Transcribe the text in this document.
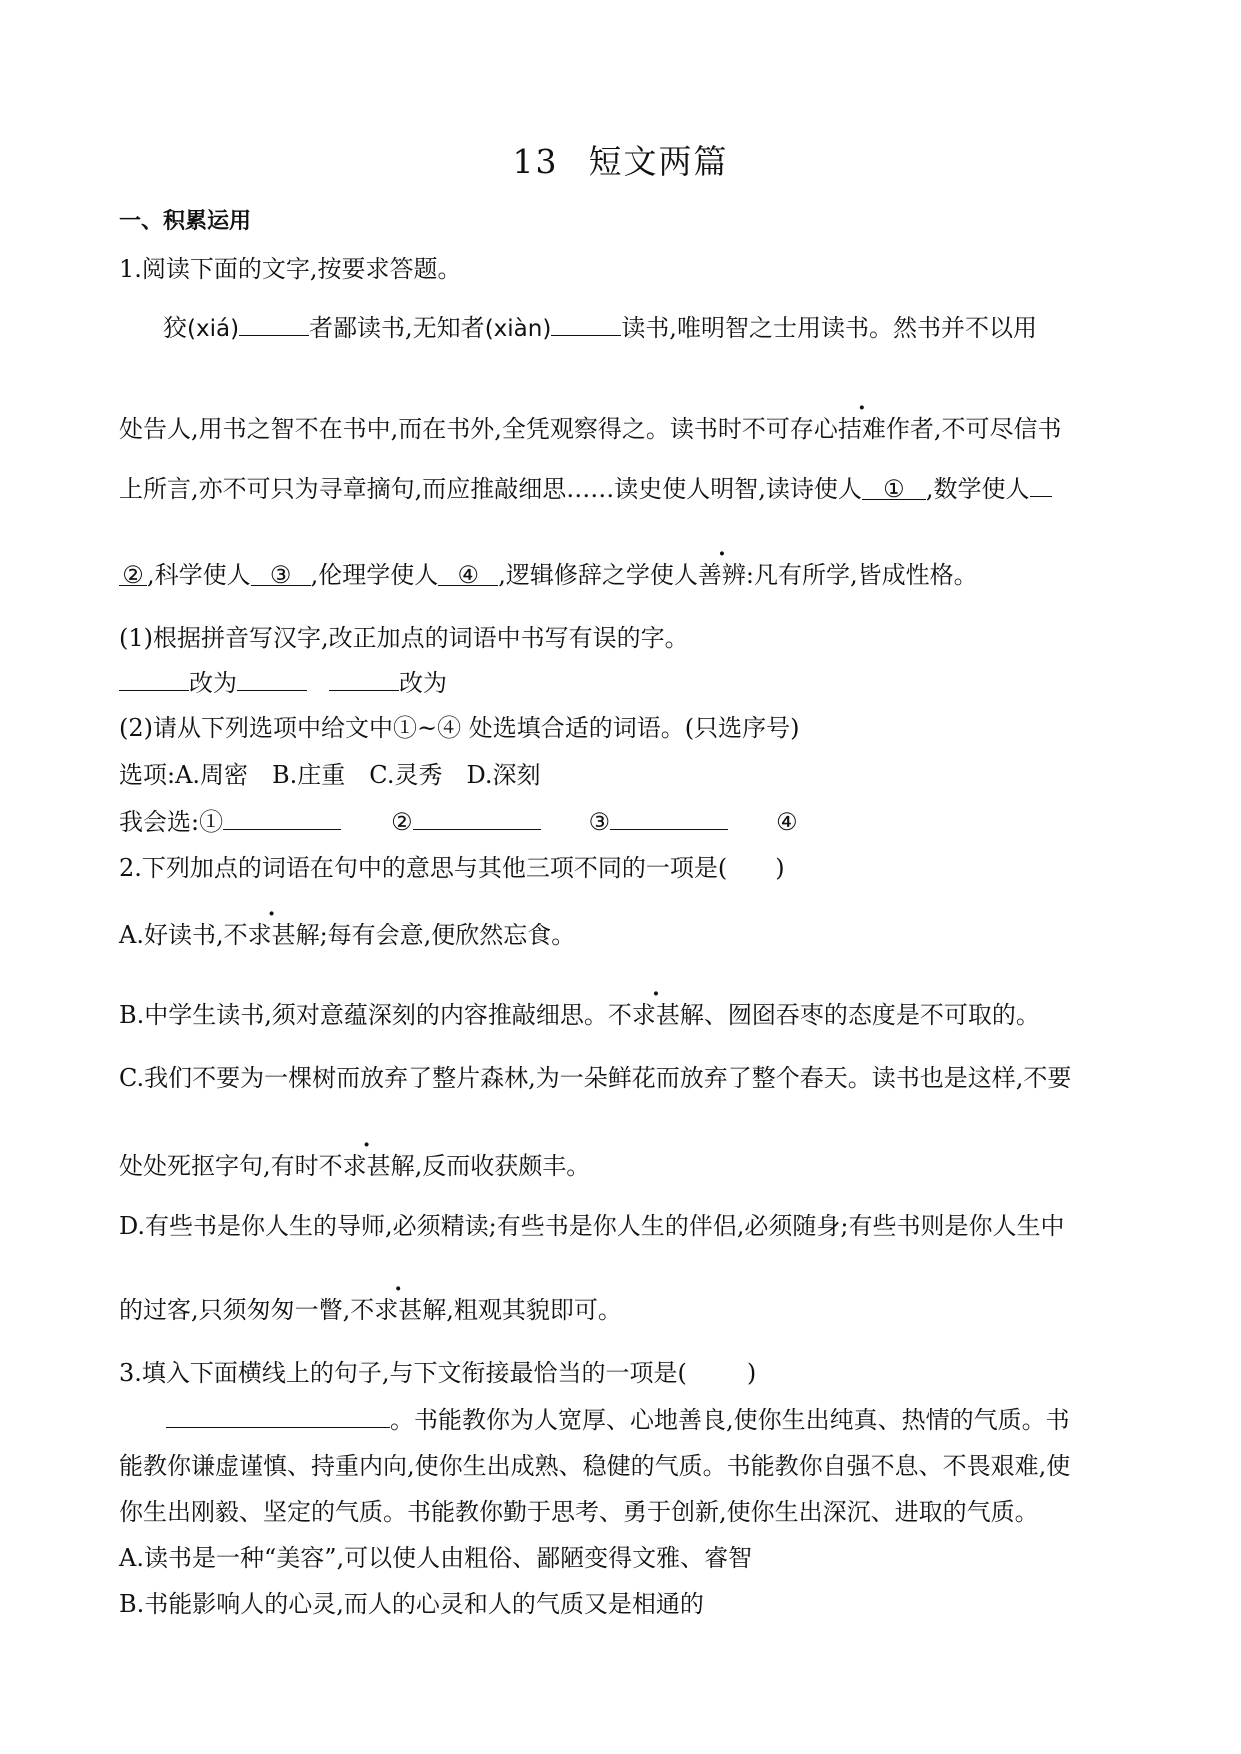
13 短文两篇
一、积累运用
1.阅读下面的文字,按要求答题。
狡(xiá)	者鄙读书,无知者(xiàn)	读书,唯明智之士用读书。然书并不以用
处告人,用书之智不在书中,而在书外,全凭观察得之。读书时不可存心拮难作者,不可尽信书
上所言,亦不可只为寻章摘句,而应推敲细思……读史使人明智,读诗使人 ① ,数学使人
② ,科学使人 ③ ,伦理学使人 ④ ,逻辑修辞之学使人善辨:凡有所学,皆成性格。
(1)根据拼音写汉字,改正加点的词语中书写有误的字。
改为	改为
(2)请从下列选项中给文中①~④ 处选填合适的词语。(只选序号)
选项:A.周密　B.庄重　C.灵秀　D.深刻
我会选:①	②	③	④
2.下列加点的词语在句中的意思与其他三项不同的一项是( )
A.好读书,不求甚解;每有会意,便欣然忘食。
B.中学生读书,须对意蕴深刻的内容推敲细思。不求甚解、囫囵吞枣的态度是不可取的。
C.我们不要为一棵树而放弃了整片森林,为一朵鲜花而放弃了整个春天。读书也是这样,不要
处处死抠字句,有时不求甚解,反而收获颇丰。
D.有些书是你人生的导师,必须精读;有些书是你人生的伴侣,必须随身;有些书则是你人生中
的过客,只须匆匆一瞥,不求甚解,粗观其貌即可。
3.填入下面横线上的句子,与下文衔接最恰当的一项是(	)
。书能教你为人宽厚、心地善良,使你生出纯真、热情的气质。书
能教你谦虚谨慎、持重内向,使你生出成熟、稳健的气质。书能教你自强不息、不畏艰难,使
你生出刚毅、坚定的气质。书能教你勤于思考、勇于创新,使你生出深沉、进取的气质。
A.读书是一种“美容”,可以使人由粗俗、鄙陋变得文雅、睿智
B.书能影响人的心灵,而人的心灵和人的气质又是相通的
